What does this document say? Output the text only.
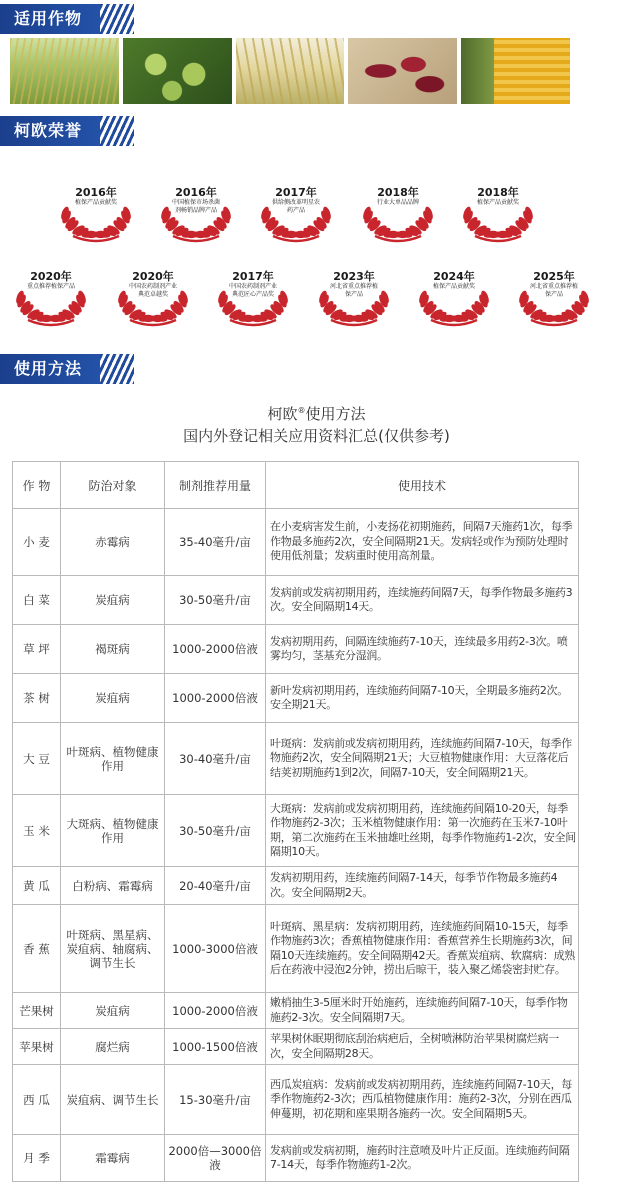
适用作物
柯欧荣誉
2016年
植保产品贡献奖
2016年
中国植保市场杀菌剂畅销品牌产品
2017年
供给侧改革明星农药产品
2018年
行业大单品品牌
2018年
植保产品贡献奖
2020年
重点推荐植保产品
2020年
中国农药制剂产业典范卓越奖
2017年
中国农药制剂产业典范匠心产品奖
2023年
河北省重点推荐植保产品
2024年
植保产品贡献奖
2025年
河北省重点推荐植保产品
使用方法
柯欧®使用方法
国内外登记相关应用资料汇总(仅供参考)
作 物	防治对象	制剂推荐用量	使用技术
小 麦	赤霉病	35-40毫升/亩	在小麦病害发生前，小麦扬花初期施药，间隔7天施药1次，每季作物最多施药2次，安全间隔期21天。发病轻或作为预防处理时使用低剂量；发病重时使用高剂量。
白 菜	炭疽病	30-50毫升/亩	发病前或发病初期用药，连续施药间隔7天，每季作物最多施药3次。安全间隔期14天。
草 坪	褐斑病	1000-2000倍液	发病初期用药，间隔连续施药7-10天，连续最多用药2-3次。喷雾均匀，茎基充分湿润。
茶 树	炭疽病	1000-2000倍液	新叶发病初期用药，连续施药间隔7-10天，全期最多施药2次。安全期21天。
大 豆	叶斑病、植物健康作用	30-40毫升/亩	叶斑病：发病前或发病初期用药，连续施药间隔7-10天，每季作物施药2次，安全间隔期21天；大豆植物健康作用：大豆落花后结荚初期施药1到2次，间隔7-10天，安全间隔期21天。
玉 米	大斑病、植物健康作用	30-50毫升/亩	大斑病：发病前或发病初期用药，连续施药间隔10-20天，每季作物施药2-3次；玉米植物健康作用：第一次施药在玉米7-10叶期，第二次施药在玉米抽雄吐丝期，每季作物施药1-2次，安全间隔期10天。
黄 瓜	白粉病、霜霉病	20-40毫升/亩	发病初期用药，连续施药间隔7-14天，每季节作物最多施药4次。安全间隔期2天。
香 蕉	叶斑病、黑星病、炭疽病、轴腐病、调节生长	1000-3000倍液	叶斑病、黑星病：发病初期用药，连续施药间隔10-15天，每季作物施药3次；香蕉植物健康作用：香蕉营养生长期施药3次，间隔10天连续施药。安全间隔期42天。香蕉炭疽病、软腐病：成熟后在药液中浸泡2分钟，捞出后晾干，装入聚乙烯袋密封贮存。
芒果树	炭疽病	1000-2000倍液	嫩梢抽生3-5厘米时开始施药，连续施药间隔7-10天，每季作物施药2-3次。安全间隔期7天。
苹果树	腐烂病	1000-1500倍液	苹果树休眠期彻底刮治病疤后，全树喷淋防治苹果树腐烂病一次，安全间隔期28天。
西 瓜	炭疽病、调节生长	15-30毫升/亩	西瓜炭疽病：发病前或发病初期用药，连续施药间隔7-10天，每季作物施药2-3次；西瓜植物健康作用：施药2-3次，分别在西瓜伸蔓期，初花期和座果期各施药一次。安全间隔期5天。
月 季	霜霉病	2000倍—3000倍液	发病前或发病初期，施药时注意喷及叶片正反面。连续施药间隔7-14天，每季作物施药1-2次。
